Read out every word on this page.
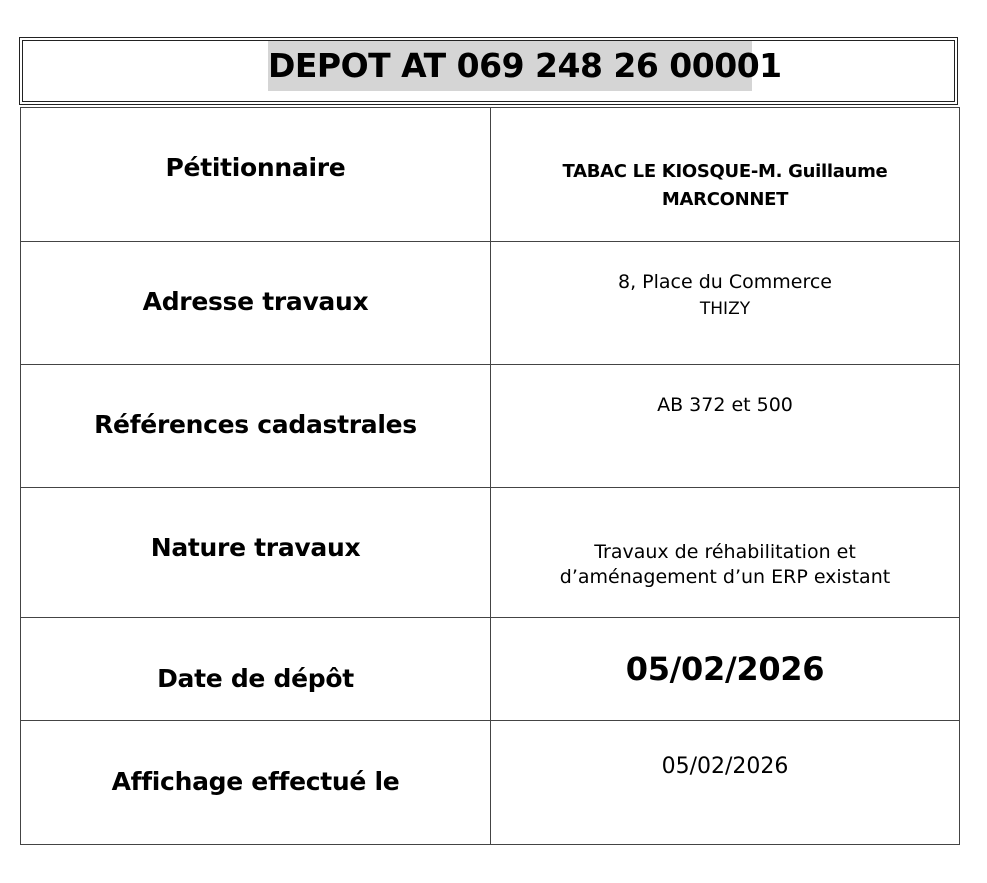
DEPOT AT 069 248 26 00001
Pétitionnaire	TABAC LE KIOSQUE-M. Guillaume
MARCONNET

Adresse travaux	8, Place du Commerce
THIZY

Références cadastrales	AB 372 et 500

Nature travaux	Travaux de réhabilitation et
d’aménagement d’un ERP existant

Date de dépôt	05/02/2026

Affichage effectué le	05/02/2026
